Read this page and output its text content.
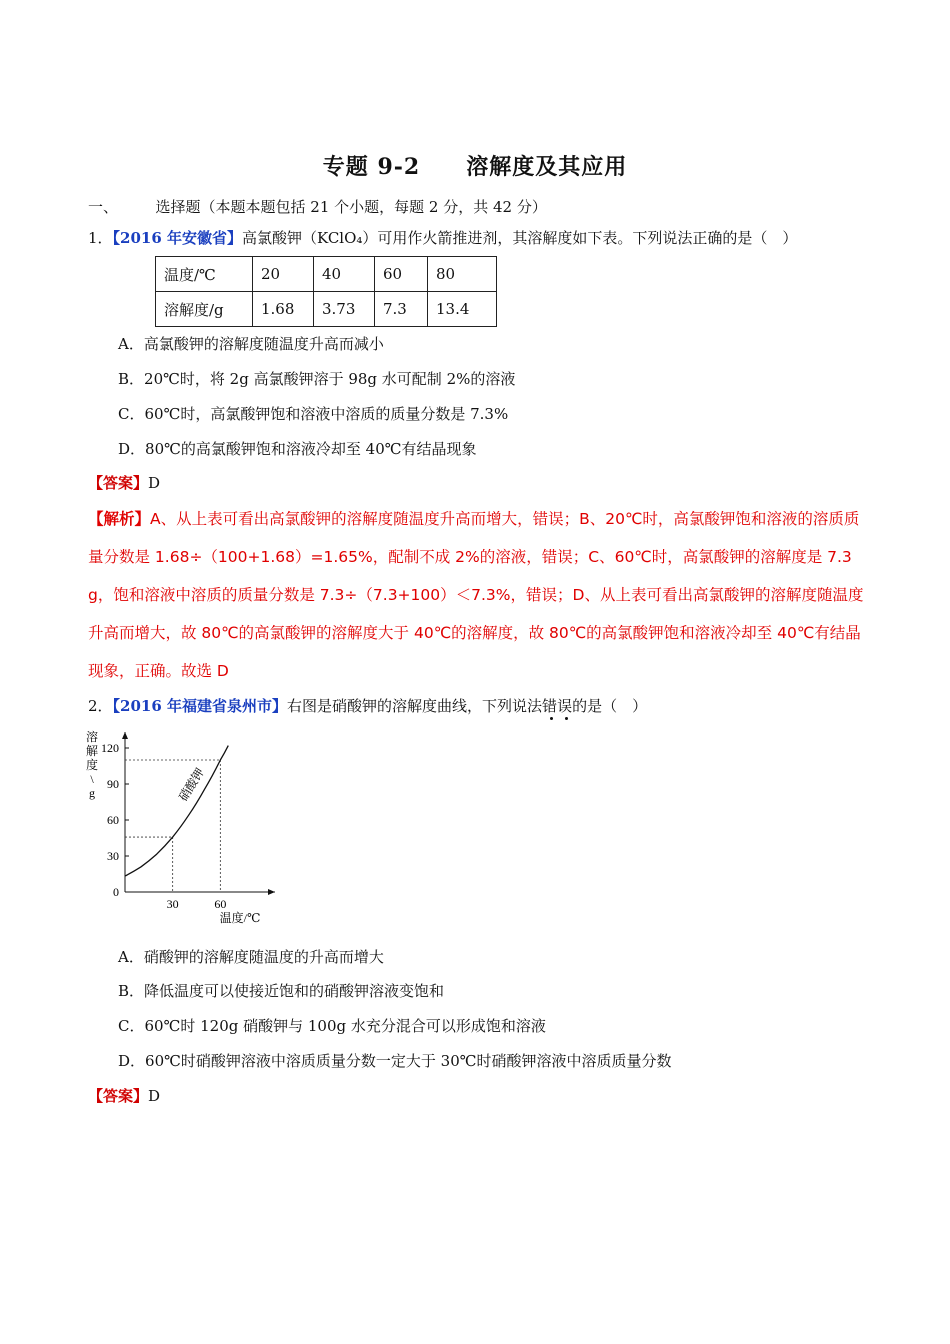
专题 9-2　　溶解度及其应用
一、　　　选择题（本题本题包括 21 个小题，每题 2 分，共 42 分）
1．【2016 年安徽省】高氯酸钾（KClO₄）可用作火箭推进剂，其溶解度如下表。下列说法正确的是（　）
温度/℃	20	40	60	80
溶解度/g	1.68	3.73	7.3	13.4
A．高氯酸钾的溶解度随温度升高而减小
B．20℃时，将 2g 高氯酸钾溶于 98g 水可配制 2%的溶液
C．60℃时，高氯酸钾饱和溶液中溶质的质量分数是 7.3%
D．80℃的高氯酸钾饱和溶液冷却至 40℃有结晶现象
【答案】D
【解析】A、从上表可看出高氯酸钾的溶解度随温度升高而增大，错误；B、20℃时，高氯酸钾饱和溶液的溶质质量分数是 1.68÷（100+1.68）=1.65%，配制不成 2%的溶液，错误；C、60℃时，高氯酸钾的溶解度是 7.3 g，饱和溶液中溶质的质量分数是 7.3÷（7.3+100）＜7.3%，错误；D、从上表可看出高氯酸钾的溶解度随温度升高而增大，故 80℃的高氯酸钾的溶解度大于 40℃的溶解度，故 80℃的高氯酸钾饱和溶液冷却至 40℃有结晶现象，正确。故选 D
2．【2016 年福建省泉州市】右图是硝酸钾的溶解度曲线，下列说法错误的是（　）
0
30
60
90
120
30	60
硝酸钾
溶
解
度
\
g
温度/℃
A．硝酸钾的溶解度随温度的升高而增大
B．降低温度可以使接近饱和的硝酸钾溶液变饱和
C．60℃时 120g 硝酸钾与 100g 水充分混合可以形成饱和溶液
D．60℃时硝酸钾溶液中溶质质量分数一定大于 30℃时硝酸钾溶液中溶质质量分数
【答案】D
